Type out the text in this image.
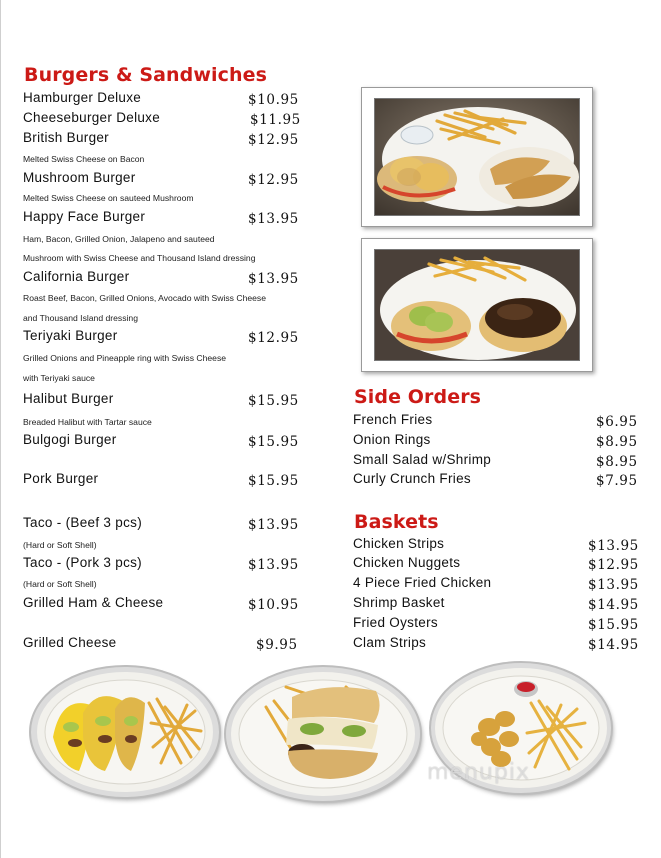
Burgers & Sandwiches
Hamburger Deluxe	$10.95
Cheeseburger Deluxe	$11.95
British Burger	$12.95
Melted Swiss Cheese on Bacon
Mushroom Burger	$12.95
Melted Swiss Cheese on sauteed Mushroom
Happy Face Burger	$13.95
Ham, Bacon, Grilled Onion, Jalapeno and sauteed
Mushroom with Swiss Cheese and Thousand Island dressing
California Burger	$13.95
Roast Beef, Bacon, Grilled Onions, Avocado with Swiss Cheese
and Thousand Island dressing
Teriyaki Burger	$12.95
Grilled Onions and Pineapple ring with Swiss Cheese
with Teriyaki sauce
Halibut Burger	$15.95
Breaded Halibut with Tartar sauce
Bulgogi Burger	$15.95
Pork Burger	$15.95
Taco - (Beef 3 pcs)	$13.95
(Hard or Soft Shell)
Taco - (Pork 3 pcs)	$13.95
(Hard or Soft Shell)
Grilled Ham & Cheese	$10.95
Grilled Cheese	$9.95
Side Orders
French Fries	$6.95
Onion Rings	$8.95
Small Salad w/Shrimp	$8.95
Curly Crunch Fries	$7.95
Baskets
Chicken Strips	$13.95
Chicken Nuggets	$12.95
4 Piece Fried Chicken	$13.95
Shrimp Basket	$14.95
Fried Oysters	$15.95
Clam Strips	$14.95
menupix
